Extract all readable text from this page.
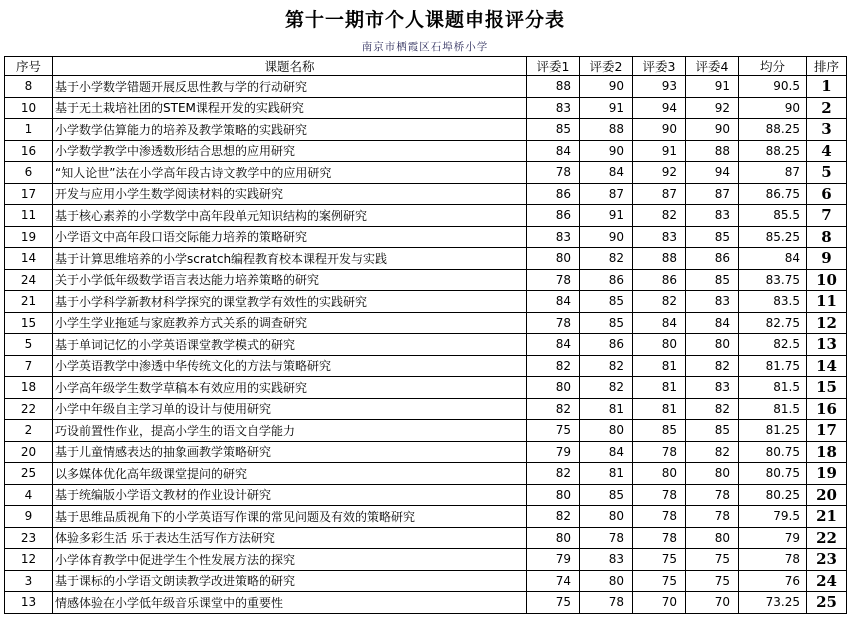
第十一期市个人课题申报评分表
南京市栖霞区石埠桥小学
序号	课题名称	评委1	评委2	评委3	评委4	均分	排序
8	基于小学数学错题开展反思性教与学的行动研究	88	90	93	91	90.5	1
10	基于无土栽培社团的STEM课程开发的实践研究	83	91	94	92	90	2
1	小学数学估算能力的培养及教学策略的实践研究	85	88	90	90	88.25	3
16	小学数学教学中渗透数形结合思想的应用研究	84	90	91	88	88.25	4
6	“知人论世”法在小学高年段古诗文教学中的应用研究	78	84	92	94	87	5
17	开发与应用小学生数学阅读材料的实践研究	86	87	87	87	86.75	6
11	基于核心素养的小学数学中高年段单元知识结构的案例研究	86	91	82	83	85.5	7
19	小学语文中高年段口语交际能力培养的策略研究	83	90	83	85	85.25	8
14	基于计算思维培养的小学scratch编程教育校本课程开发与实践	80	82	88	86	84	9
24	关于小学低年级数学语言表达能力培养策略的研究	78	86	86	85	83.75	10
21	基于小学科学新教材科学探究的课堂教学有效性的实践研究	84	85	82	83	83.5	11
15	小学生学业拖延与家庭教养方式关系的调查研究	78	85	84	84	82.75	12
5	基于单词记忆的小学英语课堂教学模式的研究	84	86	80	80	82.5	13
7	小学英语教学中渗透中华传统文化的方法与策略研究	82	82	81	82	81.75	14
18	小学高年级学生数学草稿本有效应用的实践研究	80	82	81	83	81.5	15
22	小学中年级自主学习单的设计与使用研究	82	81	81	82	81.5	16
2	巧设前置性作业，提高小学生的语文自学能力	75	80	85	85	81.25	17
20	基于儿童情感表达的抽象画教学策略研究	79	84	78	82	80.75	18
25	以多媒体优化高年级课堂提问的研究	82	81	80	80	80.75	19
4	基于统编版小学语文教材的作业设计研究	80	85	78	78	80.25	20
9	基于思维品质视角下的小学英语写作课的常见问题及有效的策略研究	82	80	78	78	79.5	21
23	体验多彩生活 乐于表达生活写作方法研究	80	78	78	80	79	22
12	小学体育教学中促进学生个性发展方法的探究	79	83	75	75	78	23
3	基于课标的小学语文朗读教学改进策略的研究	74	80	75	75	76	24
13	情感体验在小学低年级音乐课堂中的重要性	75	78	70	70	73.25	25
